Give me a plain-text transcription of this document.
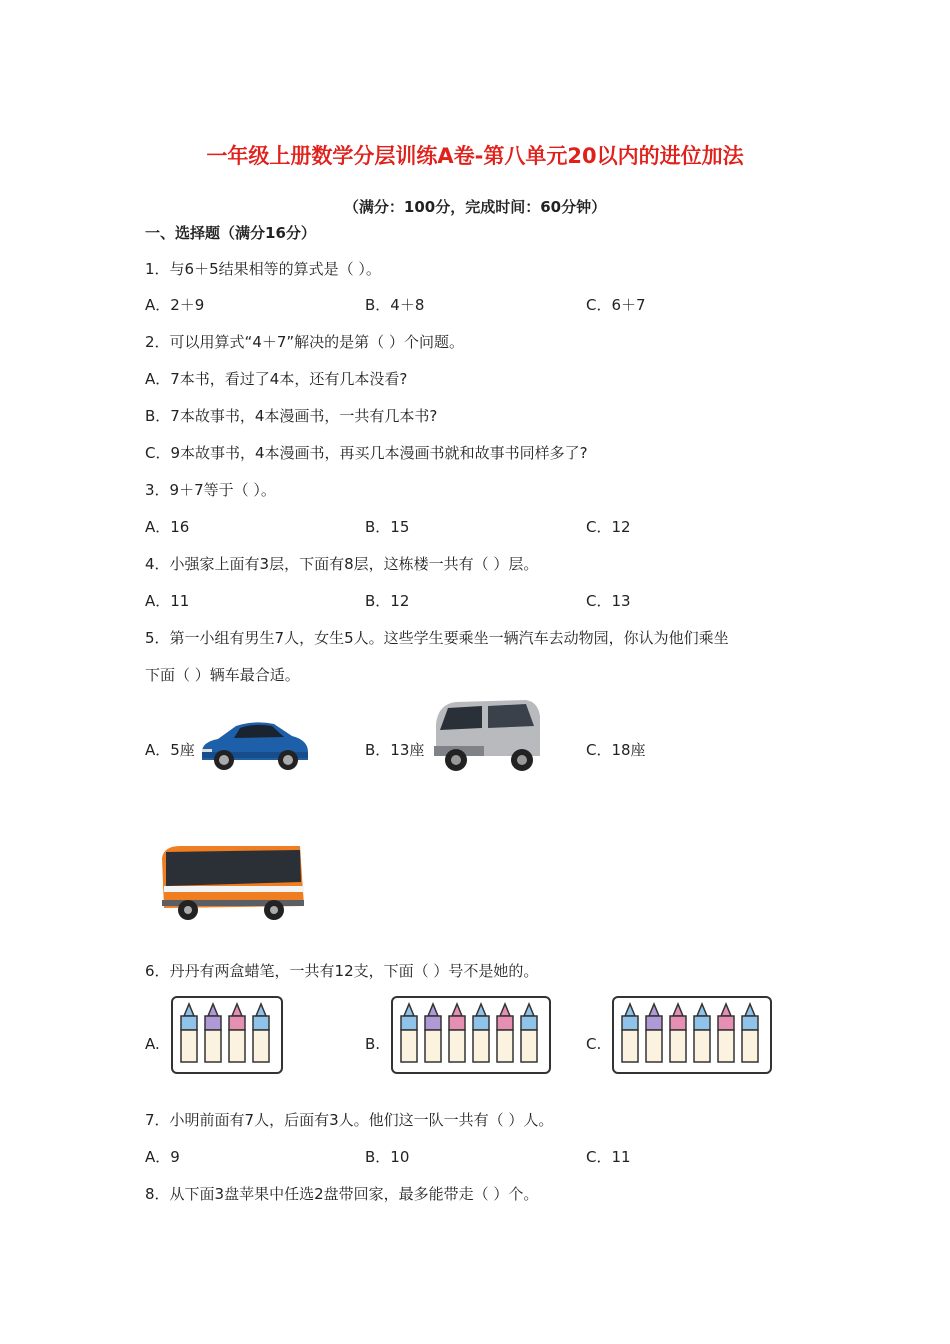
一年级上册数学分层训练A卷-第八单元20以内的进位加法
（满分：100分，完成时间：60分钟）
一、选择题（满分16分）
1．与6＋5结果相等的算式是（ ）。
A．2＋9	B．4＋8	C．6＋7
2．可以用算式“4＋7”解决的是第（ ）个问题。
A．7本书，看过了4本，还有几本没看?
B．7本故事书，4本漫画书，一共有几本书?
C．9本故事书，4本漫画书，再买几本漫画书就和故事书同样多了?
3．9＋7等于（ ）。
A．16	B．15	C．12
4．小强家上面有3层，下面有8层，这栋楼一共有（ ）层。
A．11	B．12	C．13
5．第一小组有男生7人，女生5人。这些学生要乘坐一辆汽车去动物园，你认为他们乘坐
下面（ ）辆车最合适。
A．5座	B．13座	C．18座
6．丹丹有两盒蜡笔，一共有12支，下面（ ）号不是她的。
A.	B.	C.
7．小明前面有7人，后面有3人。他们这一队一共有（ ）人。
A．9	B．10	C．11
8．从下面3盘苹果中任选2盘带回家，最多能带走（ ）个。
